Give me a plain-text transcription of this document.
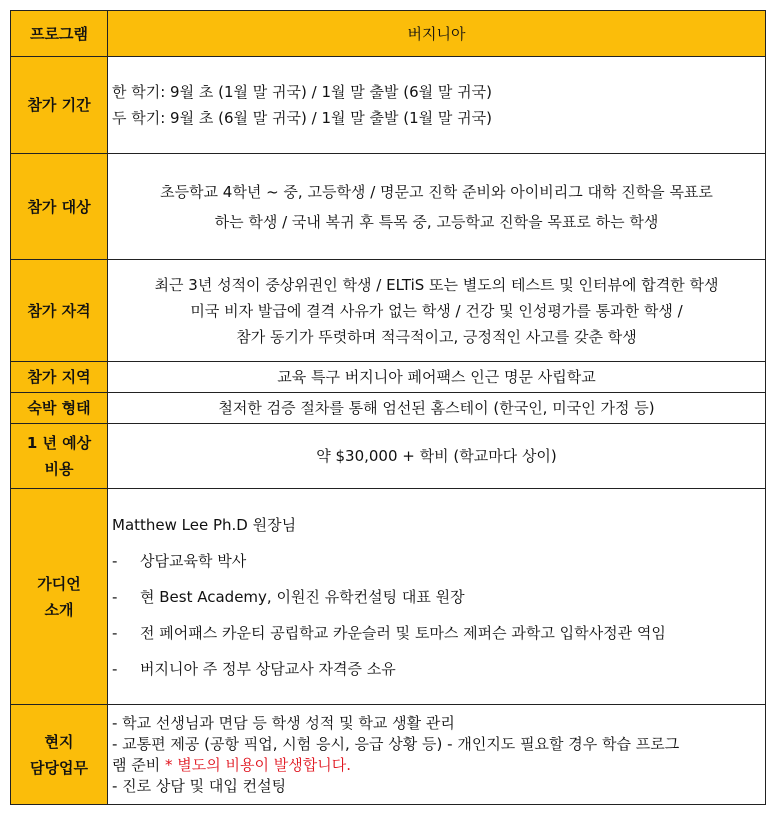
프로그램	버지니아
참가 기간	한 학기: 9월 초 (1월 말 귀국) / 1월 말 출발 (6월 말 귀국)
두 학기: 9월 초 (6월 말 귀국) / 1월 말 출발 (1월 말 귀국)

참가 대상	초등학교 4학년 ~ 중, 고등학생 / 명문고 진학 준비와 아이비리그 대학 진학을 목표로
하는 학생 / 국내 복귀 후 특목 중, 고등학교 진학을 목표로 하는 학생

참가 자격	최근 3년 성적이 중상위권인 학생 / ELTiS 또는 별도의 테스트 및 인터뷰에 합격한 학생
미국 비자 발급에 결격 사유가 없는 학생 / 건강 및 인성평가를 통과한 학생 /
참가 동기가 뚜렷하며 적극적이고, 긍정적인 사고를 갖춘 학생

참가 지역	교육 특구 버지니아 페어팩스 인근 명문 사립학교
숙박 형태	철저한 검증 절차를 통해 엄선된 홈스테이 (한국인, 미국인 가정 등)

1 년 예상
비용	약 $30,000 + 학비 (학교마다 상이)

가디언
소개	Matthew Lee Ph.D 원장님
- 상담교육학 박사
- 현 Best Academy, 이원진 유학컨설팅 대표 원장
- 전 페어패스 카운티 공립학교 카운슬러 및 토마스 제퍼슨 과학고 입학사정관 역임
- 버지니아 주 정부 상담교사 자격증 소유

현지
담당업무	- 학교 선생님과 면담 등 학생 성적 및 학교 생활 관리
- 교통편 제공 (공항 픽업, 시험 응시, 응급 상황 등) - 개인지도 필요할 경우 학습 프로그
램 준비 * 별도의 비용이 발생합니다.
- 진로 상담 및 대입 컨설팅
